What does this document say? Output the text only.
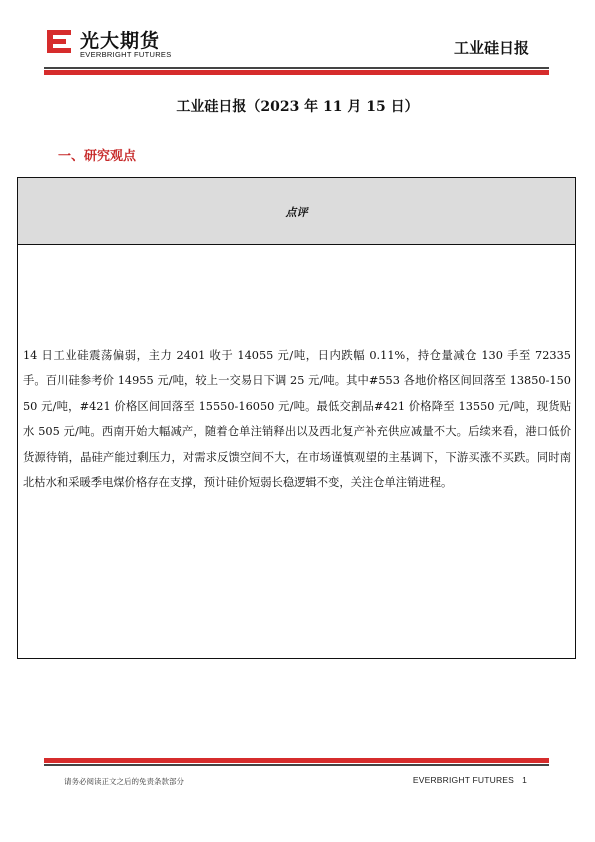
光大期货
EVERBRIGHT FUTURES	工业硅日报
工业硅日报（2023 年 11 月 15 日）
一、研究观点
点评
14 日工业硅震荡偏弱，主力 2401 收于 14055 元/吨，日内跌幅 0.11%，持仓量减仓 130 手至 72335 手。百川硅参考价 14955 元/吨，较上一交易日下调 25 元/吨。其中#553 各地价格区间回落至 13850-15050 元/吨，#421 价格区间回落至 15550-16050 元/吨。最低交割品#421 价格降至 13550 元/吨，现货贴水 505 元/吨。西南开始大幅减产，随着仓单注销释出以及西北复产补充供应减量不大。后续来看，港口低价货源待销，晶硅产能过剩压力，对需求反馈空间不大，在市场谨慎观望的主基调下，下游买涨不买跌。同时南北枯水和采暖季电煤价格存在支撑，预计硅价短弱长稳逻辑不变，关注仓单注销进程。
请务必阅读正文之后的免责条款部分	EVERBRIGHT FUTURES 1
